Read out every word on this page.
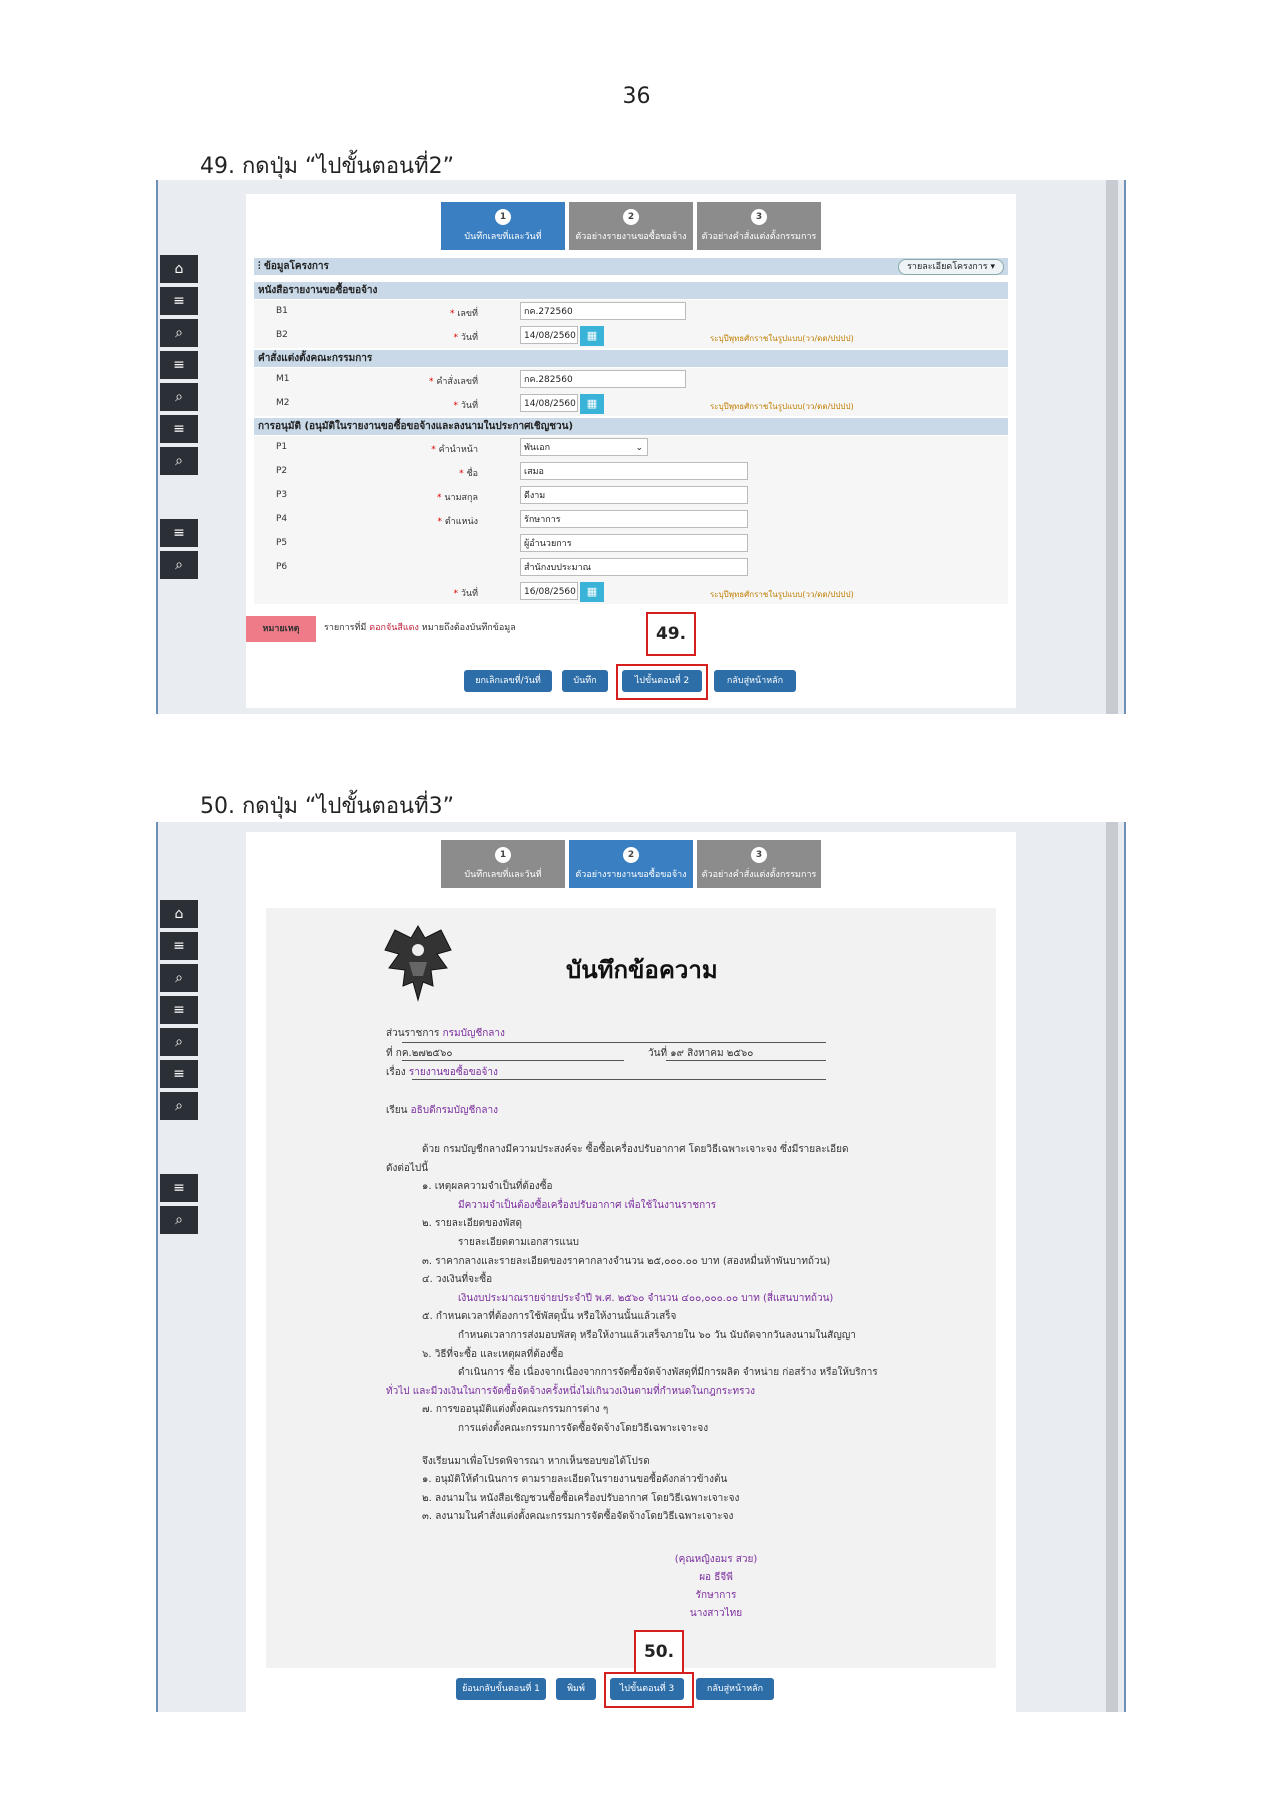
36
49. กดปุ่ม “ไปขั้นตอนที่2”
⌂
≡
⌕
≡
⌕
≡
⌕
≡
⌕
1
บันทึกเลขที่และวันที่
2
ตัวอย่างรายงานขอซื้อขอจ้าง
3
ตัวอย่างคำสั่งแต่งตั้งกรรมการ
⫶ ข้อมูลโครงการ	รายละเอียดโครงการ ▾
หนังสือรายงานขอซื้อขอจ้าง
B1	* เลขที่	กค.272560
B2	* วันที่	14/08/2560 ▦	ระบุปีพุทธศักราชในรูปแบบ(วว/ดด/ปปปป)
คำสั่งแต่งตั้งคณะกรรมการ
M1	* คำสั่งเลขที่	กค.282560
M2	* วันที่	14/08/2560 ▦	ระบุปีพุทธศักราชในรูปแบบ(วว/ดด/ปปปป)
การอนุมัติ (อนุมัติในรายงานขอซื้อขอจ้างและลงนามในประกาศเชิญชวน)
P1	* คำนำหน้า	พันเอก	⌄
P2	* ชื่อ	เสมอ
P3	* นามสกุล	ดีงาม
P4	* ตำแหน่ง	รักษาการ
P5	ผู้อำนวยการ
P6	สำนักงบประมาณ
* วันที่	16/08/2560 ▦	ระบุปีพุทธศักราชในรูปแบบ(วว/ดด/ปปปป)
หมายเหตุ	รายการที่มี ดอกจันสีแดง หมายถึงต้องบันทึกข้อมูล	49.
ยกเลิกเลขที่/วันที่	บันทึก	ไปขั้นตอนที่ 2	กลับสู่หน้าหลัก
50. กดปุ่ม “ไปขั้นตอนที่3”
⌂
≡
⌕
≡
⌕
≡
⌕
≡
⌕
1
บันทึกเลขที่และวันที่
2
ตัวอย่างรายงานขอซื้อขอจ้าง
3
ตัวอย่างคำสั่งแต่งตั้งกรรมการ
บันทึกข้อความ
ส่วนราชการ กรมบัญชีกลาง
ที่ กค.๒๗๒๕๖๐	วันที่ ๑๙ สิงหาคม ๒๕๖๐
เรื่อง รายงานขอซื้อขอจ้าง
เรียน อธิบดีกรมบัญชีกลาง
ด้วย กรมบัญชีกลางมีความประสงค์จะ ซื้อซื้อเครื่องปรับอากาศ โดยวิธีเฉพาะเจาะจง ซึ่งมีรายละเอียด
ดังต่อไปนี้
๑. เหตุผลความจำเป็นที่ต้องซื้อ
มีความจำเป็นต้องซื้อเครื่องปรับอากาศ เพื่อใช้ในงานราชการ
๒. รายละเอียดของพัสดุ
รายละเอียดตามเอกสารแนบ
๓. ราคากลางและรายละเอียดของราคากลางจำนวน ๒๕,๐๐๐.๐๐ บาท (สองหมื่นห้าพันบาทถ้วน)
๔. วงเงินที่จะซื้อ
เงินงบประมาณรายจ่ายประจำปี พ.ศ. ๒๕๖๐ จำนวน ๔๐๐,๐๐๐.๐๐ บาท (สี่แสนบาทถ้วน)
๕. กำหนดเวลาที่ต้องการใช้พัสดุนั้น หรือให้งานนั้นแล้วเสร็จ
กำหนดเวลาการส่งมอบพัสดุ หรือให้งานแล้วเสร็จภายใน ๖๐ วัน นับถัดจากวันลงนามในสัญญา
๖. วิธีที่จะซื้อ และเหตุผลที่ต้องซื้อ
ดำเนินการ ซื้อ เนื่องจากเนื่องจากการจัดซื้อจัดจ้างพัสดุที่มีการผลิต จำหน่าย ก่อสร้าง หรือให้บริการ
ทั่วไป และมีวงเงินในการจัดซื้อจัดจ้างครั้งหนึ่งไม่เกินวงเงินตามที่กำหนดในกฎกระทรวง
๗. การขออนุมัติแต่งตั้งคณะกรรมการต่าง ๆ
การแต่งตั้งคณะกรรมการจัดซื้อจัดจ้างโดยวิธีเฉพาะเจาะจง
จึงเรียนมาเพื่อโปรดพิจารณา หากเห็นชอบขอได้โปรด
๑. อนุมัติให้ดำเนินการ ตามรายละเอียดในรายงานขอซื้อดังกล่าวข้างต้น
๒. ลงนามใน หนังสือเชิญชวนซื้อซื้อเครื่องปรับอากาศ โดยวิธีเฉพาะเจาะจง
๓. ลงนามในคำสั่งแต่งตั้งคณะกรรมการจัดซื้อจัดจ้างโดยวิธีเฉพาะเจาะจง
(คุณหญิงอมร สวย)
ผอ ธีจีพี
รักษาการ
นางสาวไทย
50.
ย้อนกลับขั้นตอนที่ 1	พิมพ์	ไปขั้นตอนที่ 3	กลับสู่หน้าหลัก
